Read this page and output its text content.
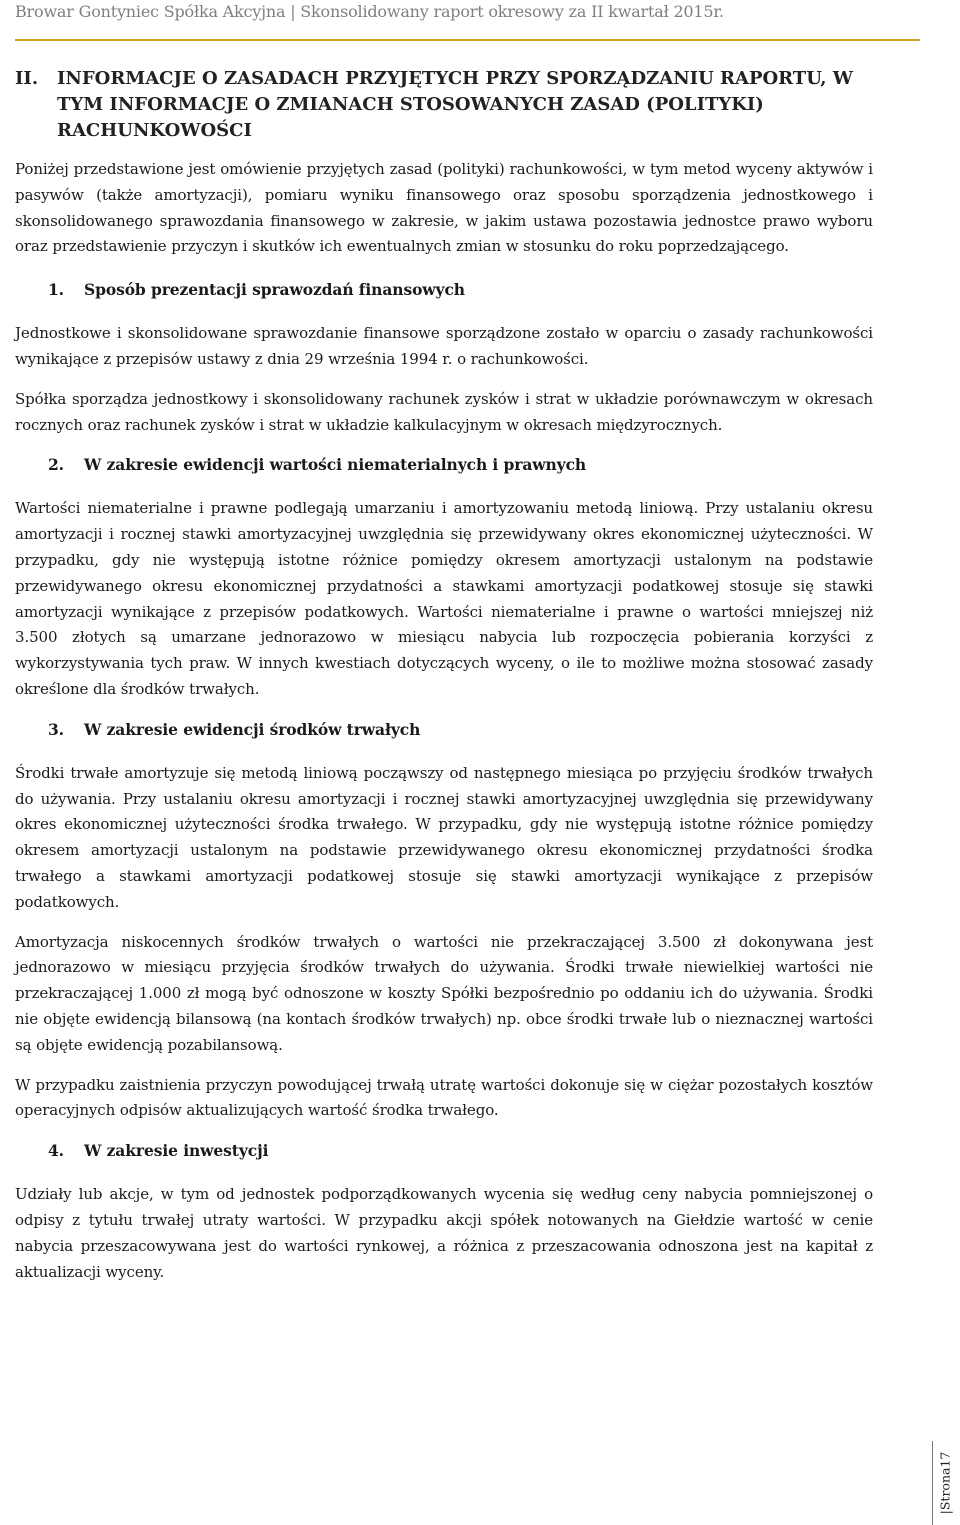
Browar Gontyniec Spółka Akcyjna | Skonsolidowany raport okresowy za II kwartał 2015r.
II. INFORMACJE O ZASADACH PRZYJĘTYCH PRZY SPORZĄDZANIU RAPORTU, W TYM INFORMACJE O ZMIANACH STOSOWANYCH ZASAD (POLITYKI) RACHUNKOWOŚCI

Poniżej przedstawione jest omówienie przyjętych zasad (polityki) rachunkowości, w tym metod wyceny aktywów i pasywów (także amortyzacji), pomiaru wyniku finansowego oraz sposobu sporządzenia jednostkowego i skonsolidowanego sprawozdania finansowego w zakresie, w jakim ustawa pozostawia jednostce prawo wyboru oraz przedstawienie przyczyn i skutków ich ewentualnych zmian w stosunku do roku poprzedzającego.

1. Sposób prezentacji sprawozdań finansowych

Jednostkowe i skonsolidowane sprawozdanie finansowe sporządzone zostało w oparciu o zasady rachunkowości wynikające z przepisów ustawy z dnia 29 września 1994 r. o rachunkowości.

Spółka sporządza jednostkowy i skonsolidowany rachunek zysków i strat w układzie porównawczym w okresach rocznych oraz rachunek zysków i strat w układzie kalkulacyjnym w okresach międzyrocznych.

2. W zakresie ewidencji wartości niematerialnych i prawnych

Wartości niematerialne i prawne podlegają umarzaniu i amortyzowaniu metodą liniową. Przy ustalaniu okresu amortyzacji i rocznej stawki amortyzacyjnej uwzględnia się przewidywany okres ekonomicznej użyteczności. W przypadku, gdy nie występują istotne różnice pomiędzy okresem amortyzacji ustalonym na podstawie przewidywanego okresu ekonomicznej przydatności a stawkami amortyzacji podatkowej stosuje się stawki amortyzacji wynikające z przepisów podatkowych. Wartości niematerialne i prawne o wartości mniejszej niż 3.500 złotych są umarzane jednorazowo w miesiącu nabycia lub rozpoczęcia pobierania korzyści z wykorzystywania tych praw. W innych kwestiach dotyczących wyceny, o ile to możliwe można stosować zasady określone dla środków trwałych.

3. W zakresie ewidencji środków trwałych

Środki trwałe amortyzuje się metodą liniową począwszy od następnego miesiąca po przyjęciu środków trwałych do używania. Przy ustalaniu okresu amortyzacji i rocznej stawki amortyzacyjnej uwzględnia się przewidywany okres ekonomicznej użyteczności środka trwałego. W przypadku, gdy nie występują istotne różnice pomiędzy okresem amortyzacji ustalonym na podstawie przewidywanego okresu ekonomicznej przydatności środka trwałego a stawkami amortyzacji podatkowej stosuje się stawki amortyzacji wynikające z przepisów podatkowych.

Amortyzacja niskocennych środków trwałych o wartości nie przekraczającej 3.500 zł dokonywana jest jednorazowo w miesiącu przyjęcia środków trwałych do używania. Środki trwałe niewielkiej wartości nie przekraczającej 1.000 zł mogą być odnoszone w koszty Spółki bezpośrednio po oddaniu ich do używania. Środki nie objęte ewidencją bilansową (na kontach środków trwałych) np. obce środki trwałe lub o nieznacznej wartości są objęte ewidencją pozabilansową.

W przypadku zaistnienia przyczyn powodującej trwałą utratę wartości dokonuje się w ciężar pozostałych kosztów operacyjnych odpisów aktualizujących wartość środka trwałego.

4. W zakresie inwestycji

Udziały lub akcje, w tym od jednostek podporządkowanych wycenia się według ceny nabycia pomniejszonej o odpisy z tytułu trwałej utraty wartości. W przypadku akcji spółek notowanych na Giełdzie wartość w cenie nabycia przeszacowywana jest do wartości rynkowej, a różnica z przeszacowania odnoszona jest na kapitał z aktualizacji wyceny.

|Strona17
